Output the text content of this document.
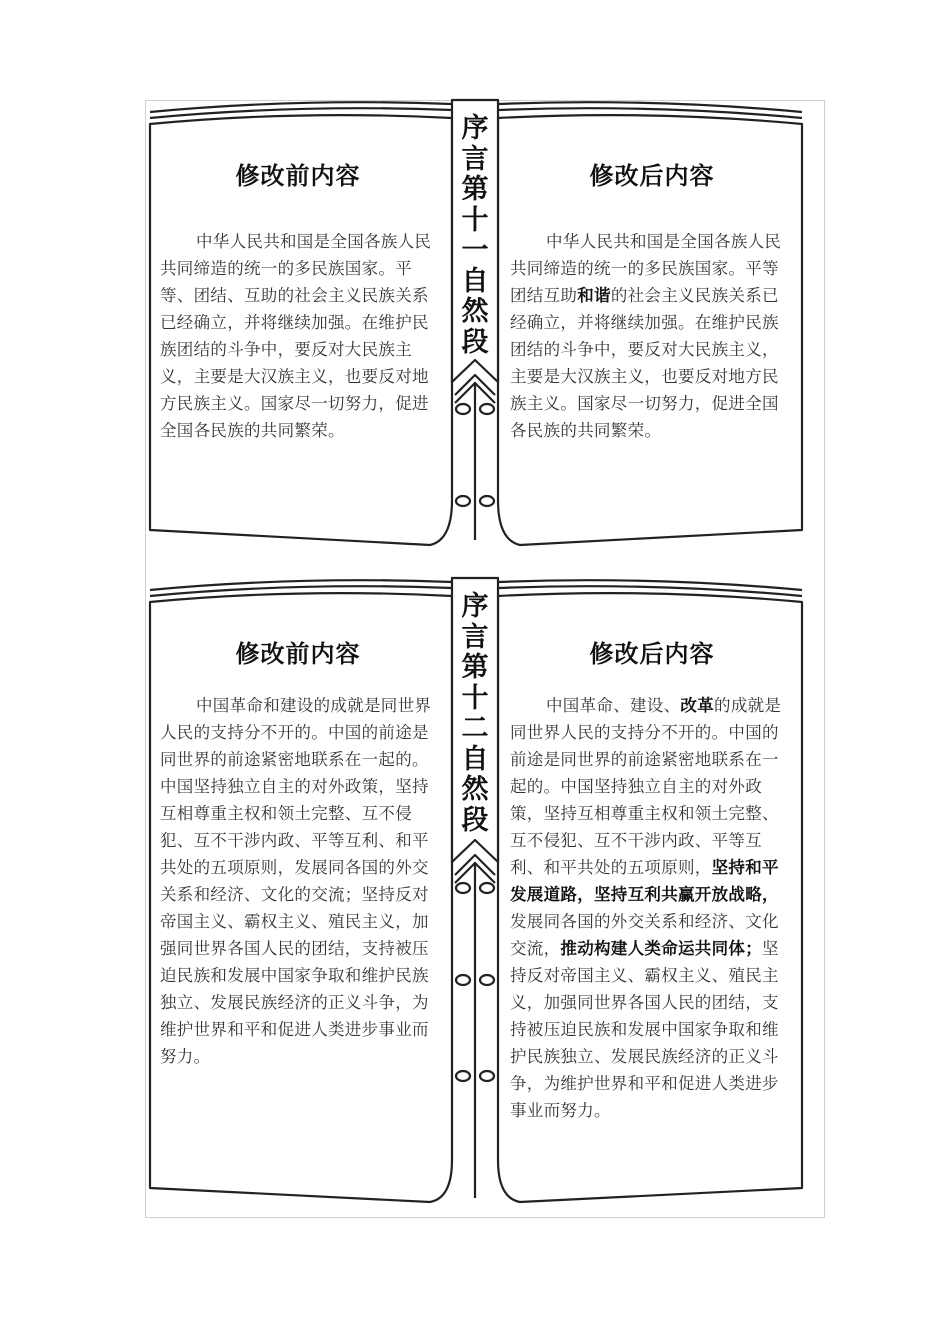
序言第十一自然段
修改前内容
中华人民共和国是全国各族人民共同缔造的统一的多民族国家。平等、团结、互助的社会主义民族关系已经确立，并将继续加强。在维护民族团结的斗争中，要反对大民族主义，主要是大汉族主义，也要反对地方民族主义。国家尽一切努力，促进全国各民族的共同繁荣。
修改后内容
中华人民共和国是全国各族人民共同缔造的统一的多民族国家。平等团结互助和谐的社会主义民族关系已经确立，并将继续加强。在维护民族团结的斗争中，要反对大民族主义，主要是大汉族主义，也要反对地方民族主义。国家尽一切努力，促进全国各民族的共同繁荣。
序言第十二自然段
修改前内容
中国革命和建设的成就是同世界人民的支持分不开的。中国的前途是同世界的前途紧密地联系在一起的。中国坚持独立自主的对外政策，坚持互相尊重主权和领土完整、互不侵犯、互不干涉内政、平等互利、和平共处的五项原则，发展同各国的外交关系和经济、文化的交流；坚持反对帝国主义、霸权主义、殖民主义，加强同世界各国人民的团结，支持被压迫民族和发展中国家争取和维护民族独立、发展民族经济的正义斗争，为维护世界和平和促进人类进步事业而努力。
修改后内容
中国革命、建设、改革的成就是同世界人民的支持分不开的。中国的前途是同世界的前途紧密地联系在一起的。中国坚持独立自主的对外政策，坚持互相尊重主权和领土完整、互不侵犯、互不干涉内政、平等互利、和平共处的五项原则，坚持和平发展道路，坚持互利共赢开放战略，发展同各国的外交关系和经济、文化交流，推动构建人类命运共同体；坚持反对帝国主义、霸权主义、殖民主义，加强同世界各国人民的团结，支持被压迫民族和发展中国家争取和维护民族独立、发展民族经济的正义斗争，为维护世界和平和促进人类进步事业而努力。
